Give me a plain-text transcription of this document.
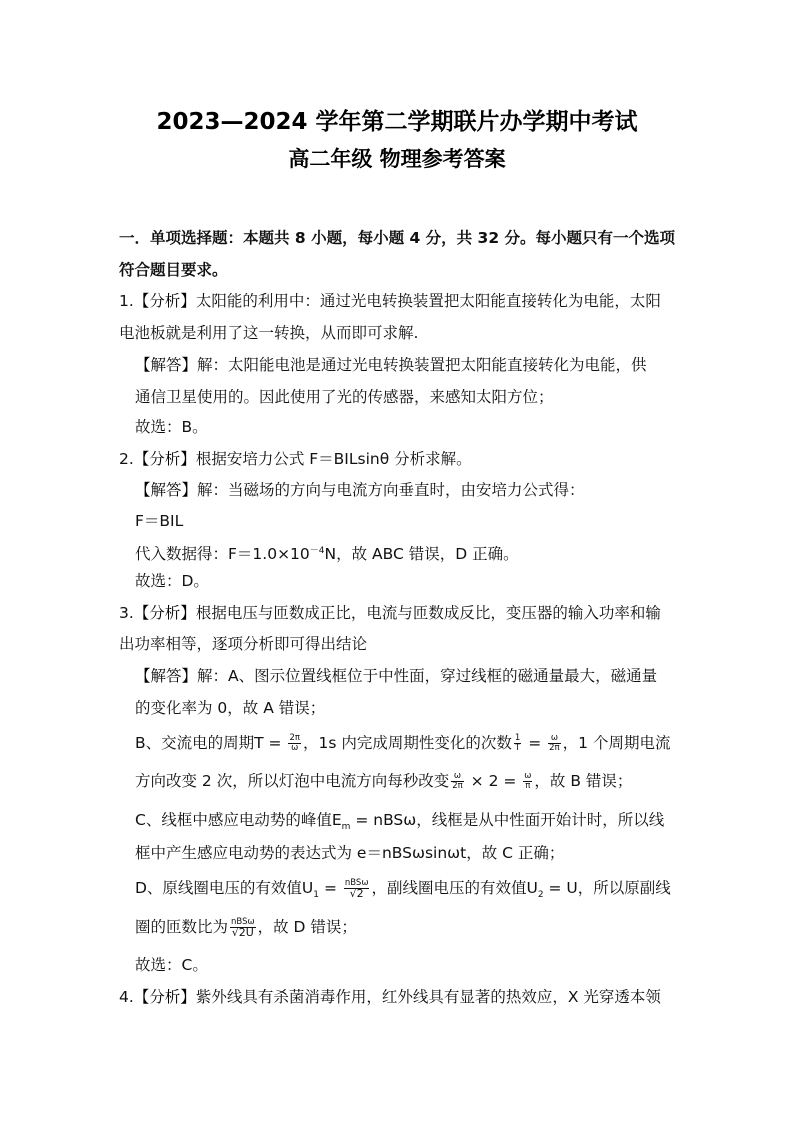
2023—2024 学年第二学期联片办学期中考试
高二年级 物理参考答案
一．单项选择题：本题共 8 小题，每小题 4 分，共 32 分。每小题只有一个选项
符合题目要求。
1.【分析】太阳能的利用中：通过光电转换装置把太阳能直接转化为电能，太阳
电池板就是利用了这一转换，从而即可求解.
【解答】解：太阳能电池是通过光电转换装置把太阳能直接转化为电能，供
通信卫星使用的。因此使用了光的传感器，来感知太阳方位；
故选：B。
2.【分析】根据安培力公式 F＝BILsinθ 分析求解。
【解答】解：当磁场的方向与电流方向垂直时，由安培力公式得：
F＝BIL
代入数据得：$F=1.0\times 10^{-4}N$，故 ABC 错误，D 正确。
故选：D。
3.【分析】根据电压与匝数成正比，电流与匝数成反比，变压器的输入功率和输
出功率相等，逐项分析即可得出结论
【解答】解：A、图示位置线框位于中性面，穿过线框的磁通量最大，磁通量
的变化率为 0，故 A 错误；
B、交流电的周期$T = \frac{2\pi}{\omega}$ ，1s 内完成周期性变化的次数 $\frac{1}{T} = \frac{\omega}{2\pi}$ ，1 个周期电流
方向改变 2 次，所以灯泡中电流方向每秒改变 $\frac{\omega}{2\pi} \times 2 = \frac{\omega}{\pi}$ ，故 B 错误；
C、线框中感应电动势的峰值$E_m = nBS\omega$，线框是从中性面开始计时，所以线
框中产生感应电动势的表达式为 e＝nBSωsinωt，故 C 正确；
D、原线圈电压的有效值$U_1 = \frac{\text{nBSω}}{√2}$ ，副线圈电压的有效值$U_2 = U$，所以原副线
圈的匝数比为 $\frac{\text{nBSω}}{√2U}$ ，故 D 错误；
故选：C。
4.【分析】紫外线具有杀菌消毒作用，红外线具有显著的热效应，X 光穿透本领
